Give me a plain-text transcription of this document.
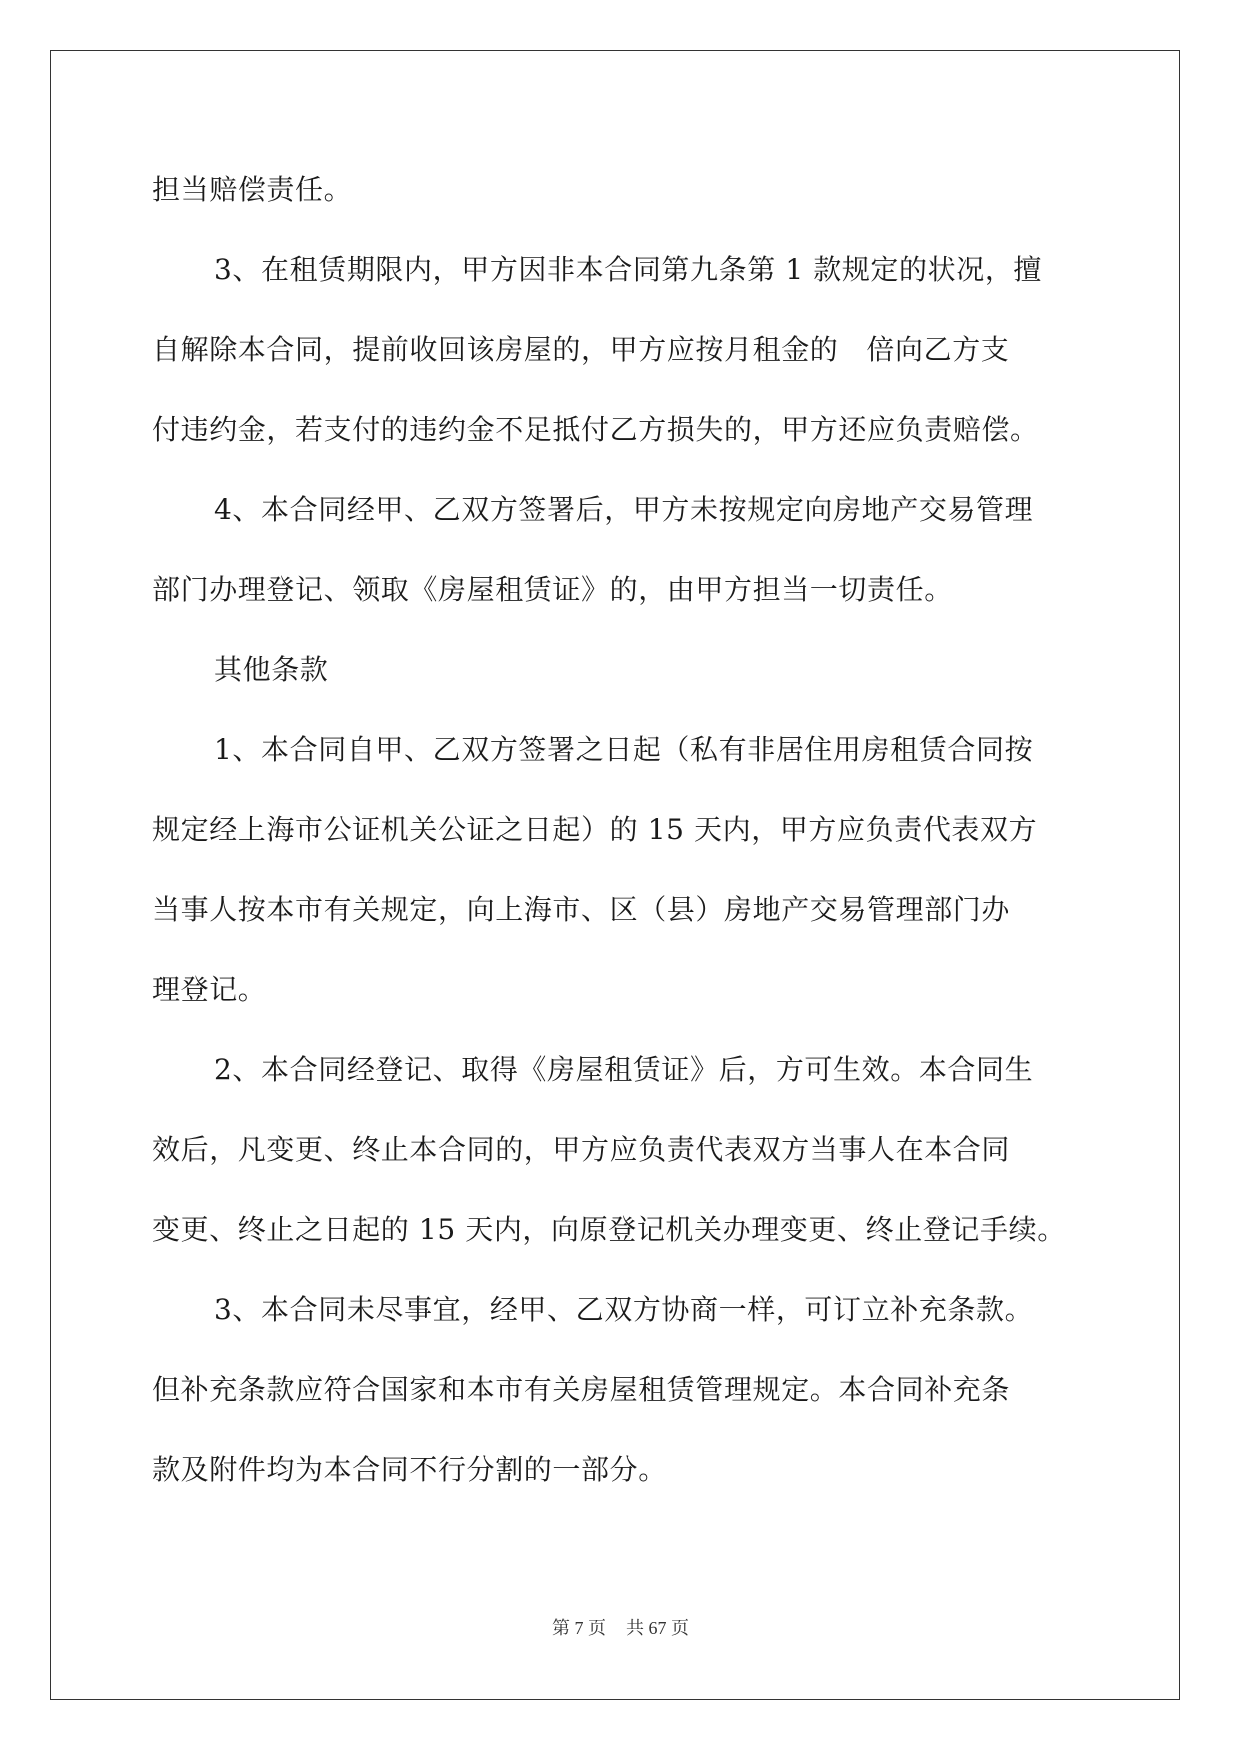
担当赔偿责任。
3、在租赁期限内，甲方因非本合同第九条第 1 款规定的状况，擅
自解除本合同，提前收回该房屋的，甲方应按月租金的 倍向乙方支
付违约金，若支付的违约金不足抵付乙方损失的，甲方还应负责赔偿。
4、本合同经甲、乙双方签署后，甲方未按规定向房地产交易管理
部门办理登记、领取《房屋租赁证》的，由甲方担当一切责任。
其他条款
1、本合同自甲、乙双方签署之日起（私有非居住用房租赁合同按
规定经上海市公证机关公证之日起）的 15 天内，甲方应负责代表双方
当事人按本市有关规定，向上海市、区（县）房地产交易管理部门办
理登记。
2、本合同经登记、取得《房屋租赁证》后，方可生效。本合同生
效后，凡变更、终止本合同的，甲方应负责代表双方当事人在本合同
变更、终止之日起的 15 天内，向原登记机关办理变更、终止登记手续。
3、本合同未尽事宜，经甲、乙双方协商一样，可订立补充条款。
但补充条款应符合国家和本市有关房屋租赁管理规定。本合同补充条
款及附件均为本合同不行分割的一部分。
第 7 页 共 67 页
